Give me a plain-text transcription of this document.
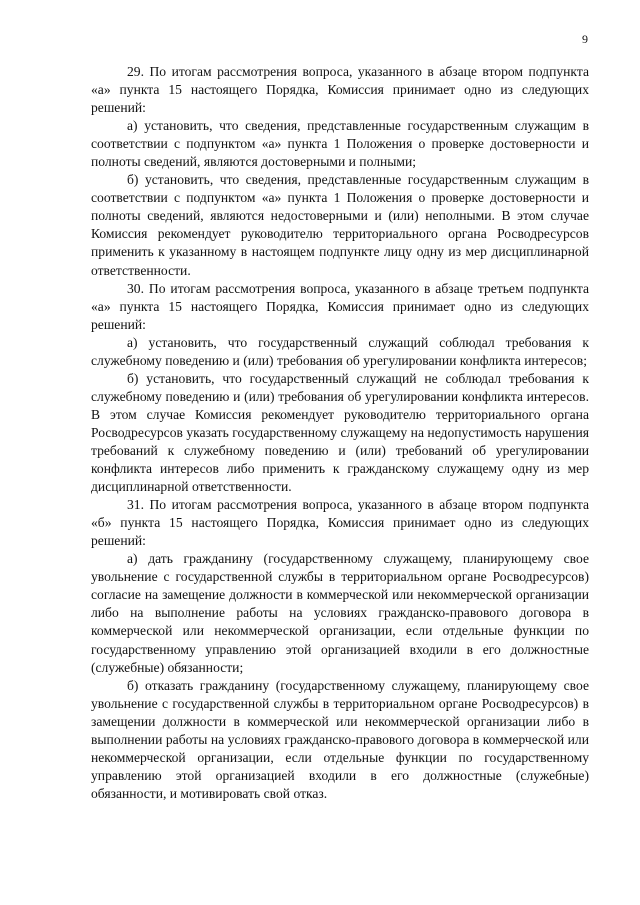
9

29. По итогам рассмотрения вопроса, указанного в абзаце втором подпункта «а» пункта 15 настоящего Порядка, Комиссия принимает одно из следующих решений:

а) установить, что сведения, представленные государственным служащим в соответствии с подпунктом «а» пункта 1 Положения о проверке достоверности и полноты сведений, являются достоверными и полными;

б) установить, что сведения, представленные государственным служащим в соответствии с подпунктом «а» пункта 1 Положения о проверке достоверности и полноты сведений, являются недостоверными и (или) неполными. В этом случае Комиссия рекомендует руководителю территориального органа Росводресурсов применить к указанному в настоящем подпункте лицу одну из мер дисциплинарной ответственности.

30. По итогам рассмотрения вопроса, указанного в абзаце третьем подпункта «а» пункта 15 настоящего Порядка, Комиссия принимает одно из следующих решений:

а) установить, что государственный служащий соблюдал требования к служебному поведению и (или) требования об урегулировании конфликта интересов;

б) установить, что государственный служащий не соблюдал требования к служебному поведению и (или) требования об урегулировании конфликта интересов. В этом случае Комиссия рекомендует руководителю территориального органа Росводресурсов указать государственному служащему на недопустимость нарушения требований к служебному поведению и (или) требований об урегулировании конфликта интересов либо применить к гражданскому служащему одну из мер дисциплинарной ответственности.

31. По итогам рассмотрения вопроса, указанного в абзаце втором подпункта «б» пункта 15 настоящего Порядка, Комиссия принимает одно из следующих решений:

а) дать гражданину (государственному служащему, планирующему свое увольнение с государственной службы в территориальном органе Росводресурсов) согласие на замещение должности в коммерческой или некоммерческой организации либо на выполнение работы на условиях гражданско-правового договора в коммерческой или некоммерческой организации, если отдельные функции по государственному управлению этой организацией входили в его должностные (служебные) обязанности;

б) отказать гражданину (государственному служащему, планирующему свое увольнение с государственной службы в территориальном органе Росводресурсов) в замещении должности в коммерческой или некоммерческой организации либо в выполнении работы на условиях гражданско-правового договора в коммерческой или некоммерческой организации, если отдельные функции по государственному управлению этой организацией входили в его должностные (служебные) обязанности, и мотивировать свой отказ.
